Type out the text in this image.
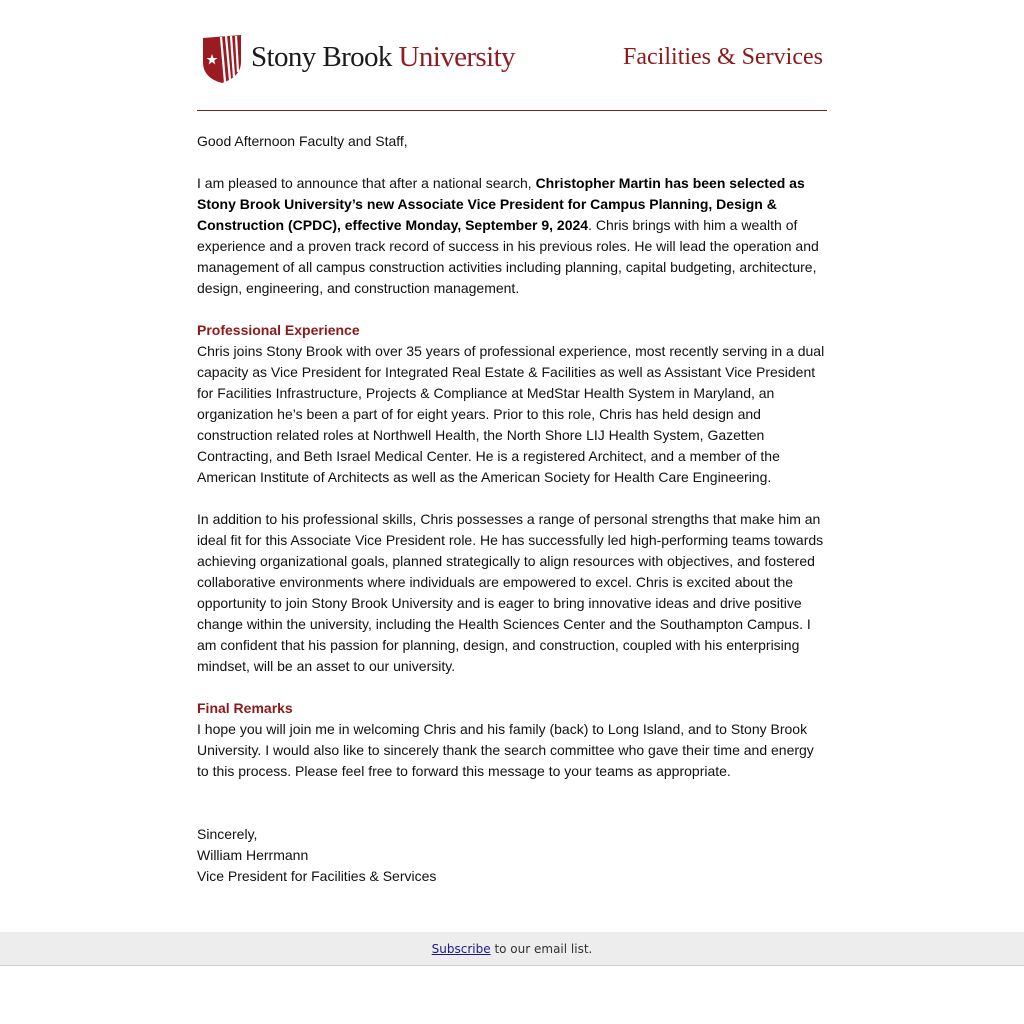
Stony Brook University	Facilities & Services
Good Afternoon Faculty and Staff,
I am pleased to announce that after a national search, Christopher Martin has been selected as Stony Brook University’s new Associate Vice President for Campus Planning, Design & Construction (CPDC), effective Monday, September 9, 2024. Chris brings with him a wealth of experience and a proven track record of success in his previous roles. He will lead the operation and management of all campus construction activities including planning, capital budgeting, architecture, design, engineering, and construction management.
Professional Experience
Chris joins Stony Brook with over 35 years of professional experience, most recently serving in a dual capacity as Vice President for Integrated Real Estate & Facilities as well as Assistant Vice President for Facilities Infrastructure, Projects & Compliance at MedStar Health System in Maryland, an organization he’s been a part of for eight years. Prior to this role, Chris has held design and construction related roles at Northwell Health, the North Shore LIJ Health System, Gazetten Contracting, and Beth Israel Medical Center. He is a registered Architect, and a member of the American Institute of Architects as well as the American Society for Health Care Engineering.
In addition to his professional skills, Chris possesses a range of personal strengths that make him an ideal fit for this Associate Vice President role. He has successfully led high-performing teams towards achieving organizational goals, planned strategically to align resources with objectives, and fostered collaborative environments where individuals are empowered to excel. Chris is excited about the opportunity to join Stony Brook University and is eager to bring innovative ideas and drive positive change within the university, including the Health Sciences Center and the Southampton Campus. I am confident that his passion for planning, design, and construction, coupled with his enterprising mindset, will be an asset to our university.
Final Remarks
I hope you will join me in welcoming Chris and his family (back) to Long Island, and to Stony Brook University. I would also like to sincerely thank the search committee who gave their time and energy to this process. Please feel free to forward this message to your teams as appropriate.
Sincerely,
William Herrmann
Vice President for Facilities & Services
Subscribe to our email list.
